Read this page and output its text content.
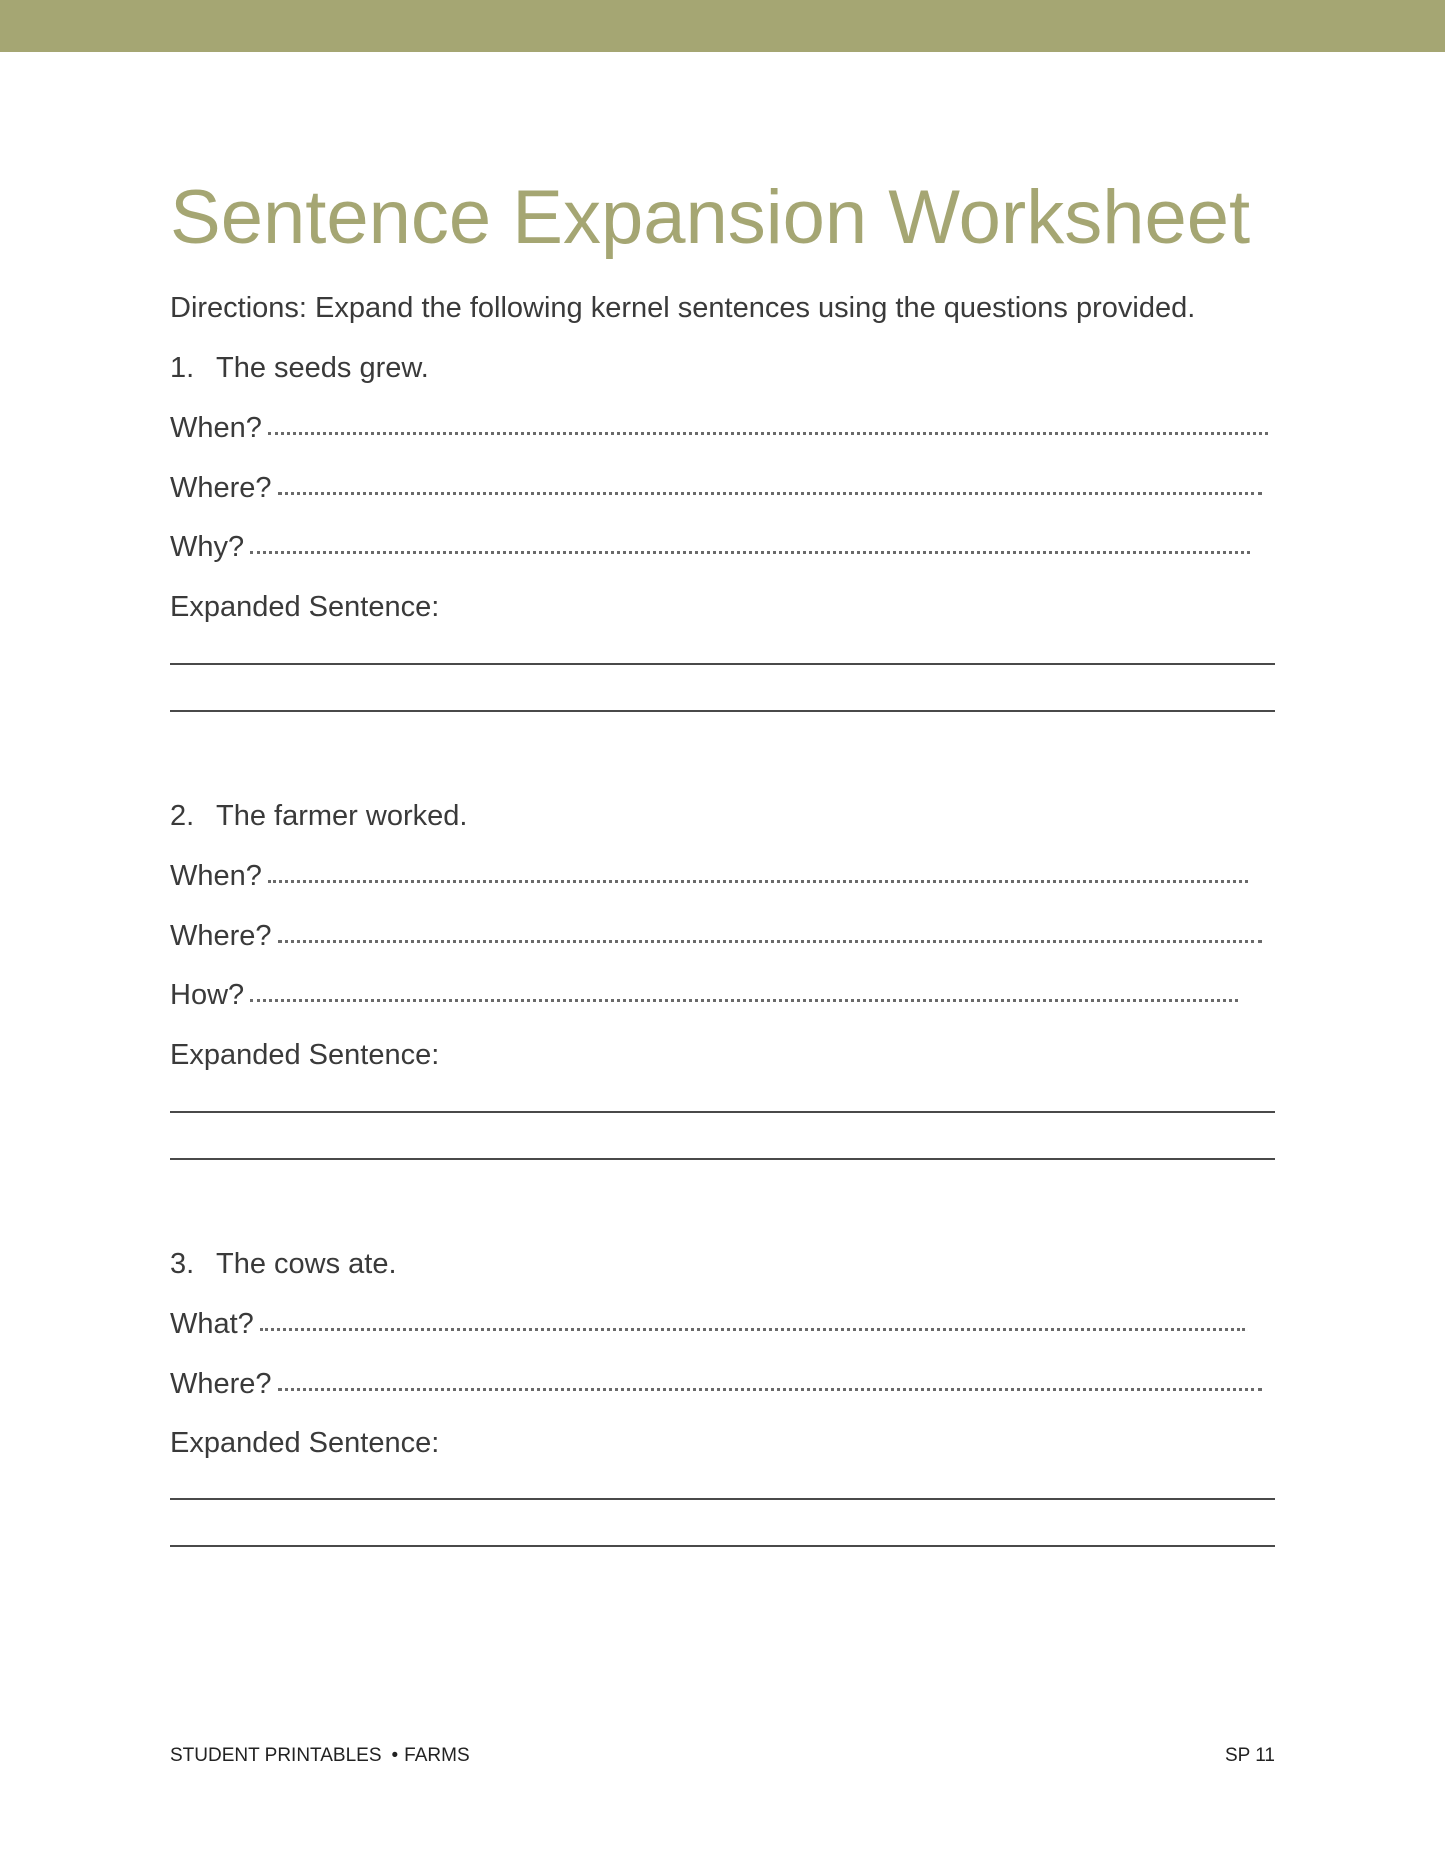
Sentence Expansion Worksheet
Directions: Expand the following kernel sentences using the questions provided.
1. The seeds grew.
When?
Where?
Why?
Expanded Sentence:
2. The farmer worked.
When?
Where?
How?
Expanded Sentence:
3. The cows ate.
What?
Where?
Expanded Sentence:
STUDENT PRINTABLES • FARMS	SP 11
